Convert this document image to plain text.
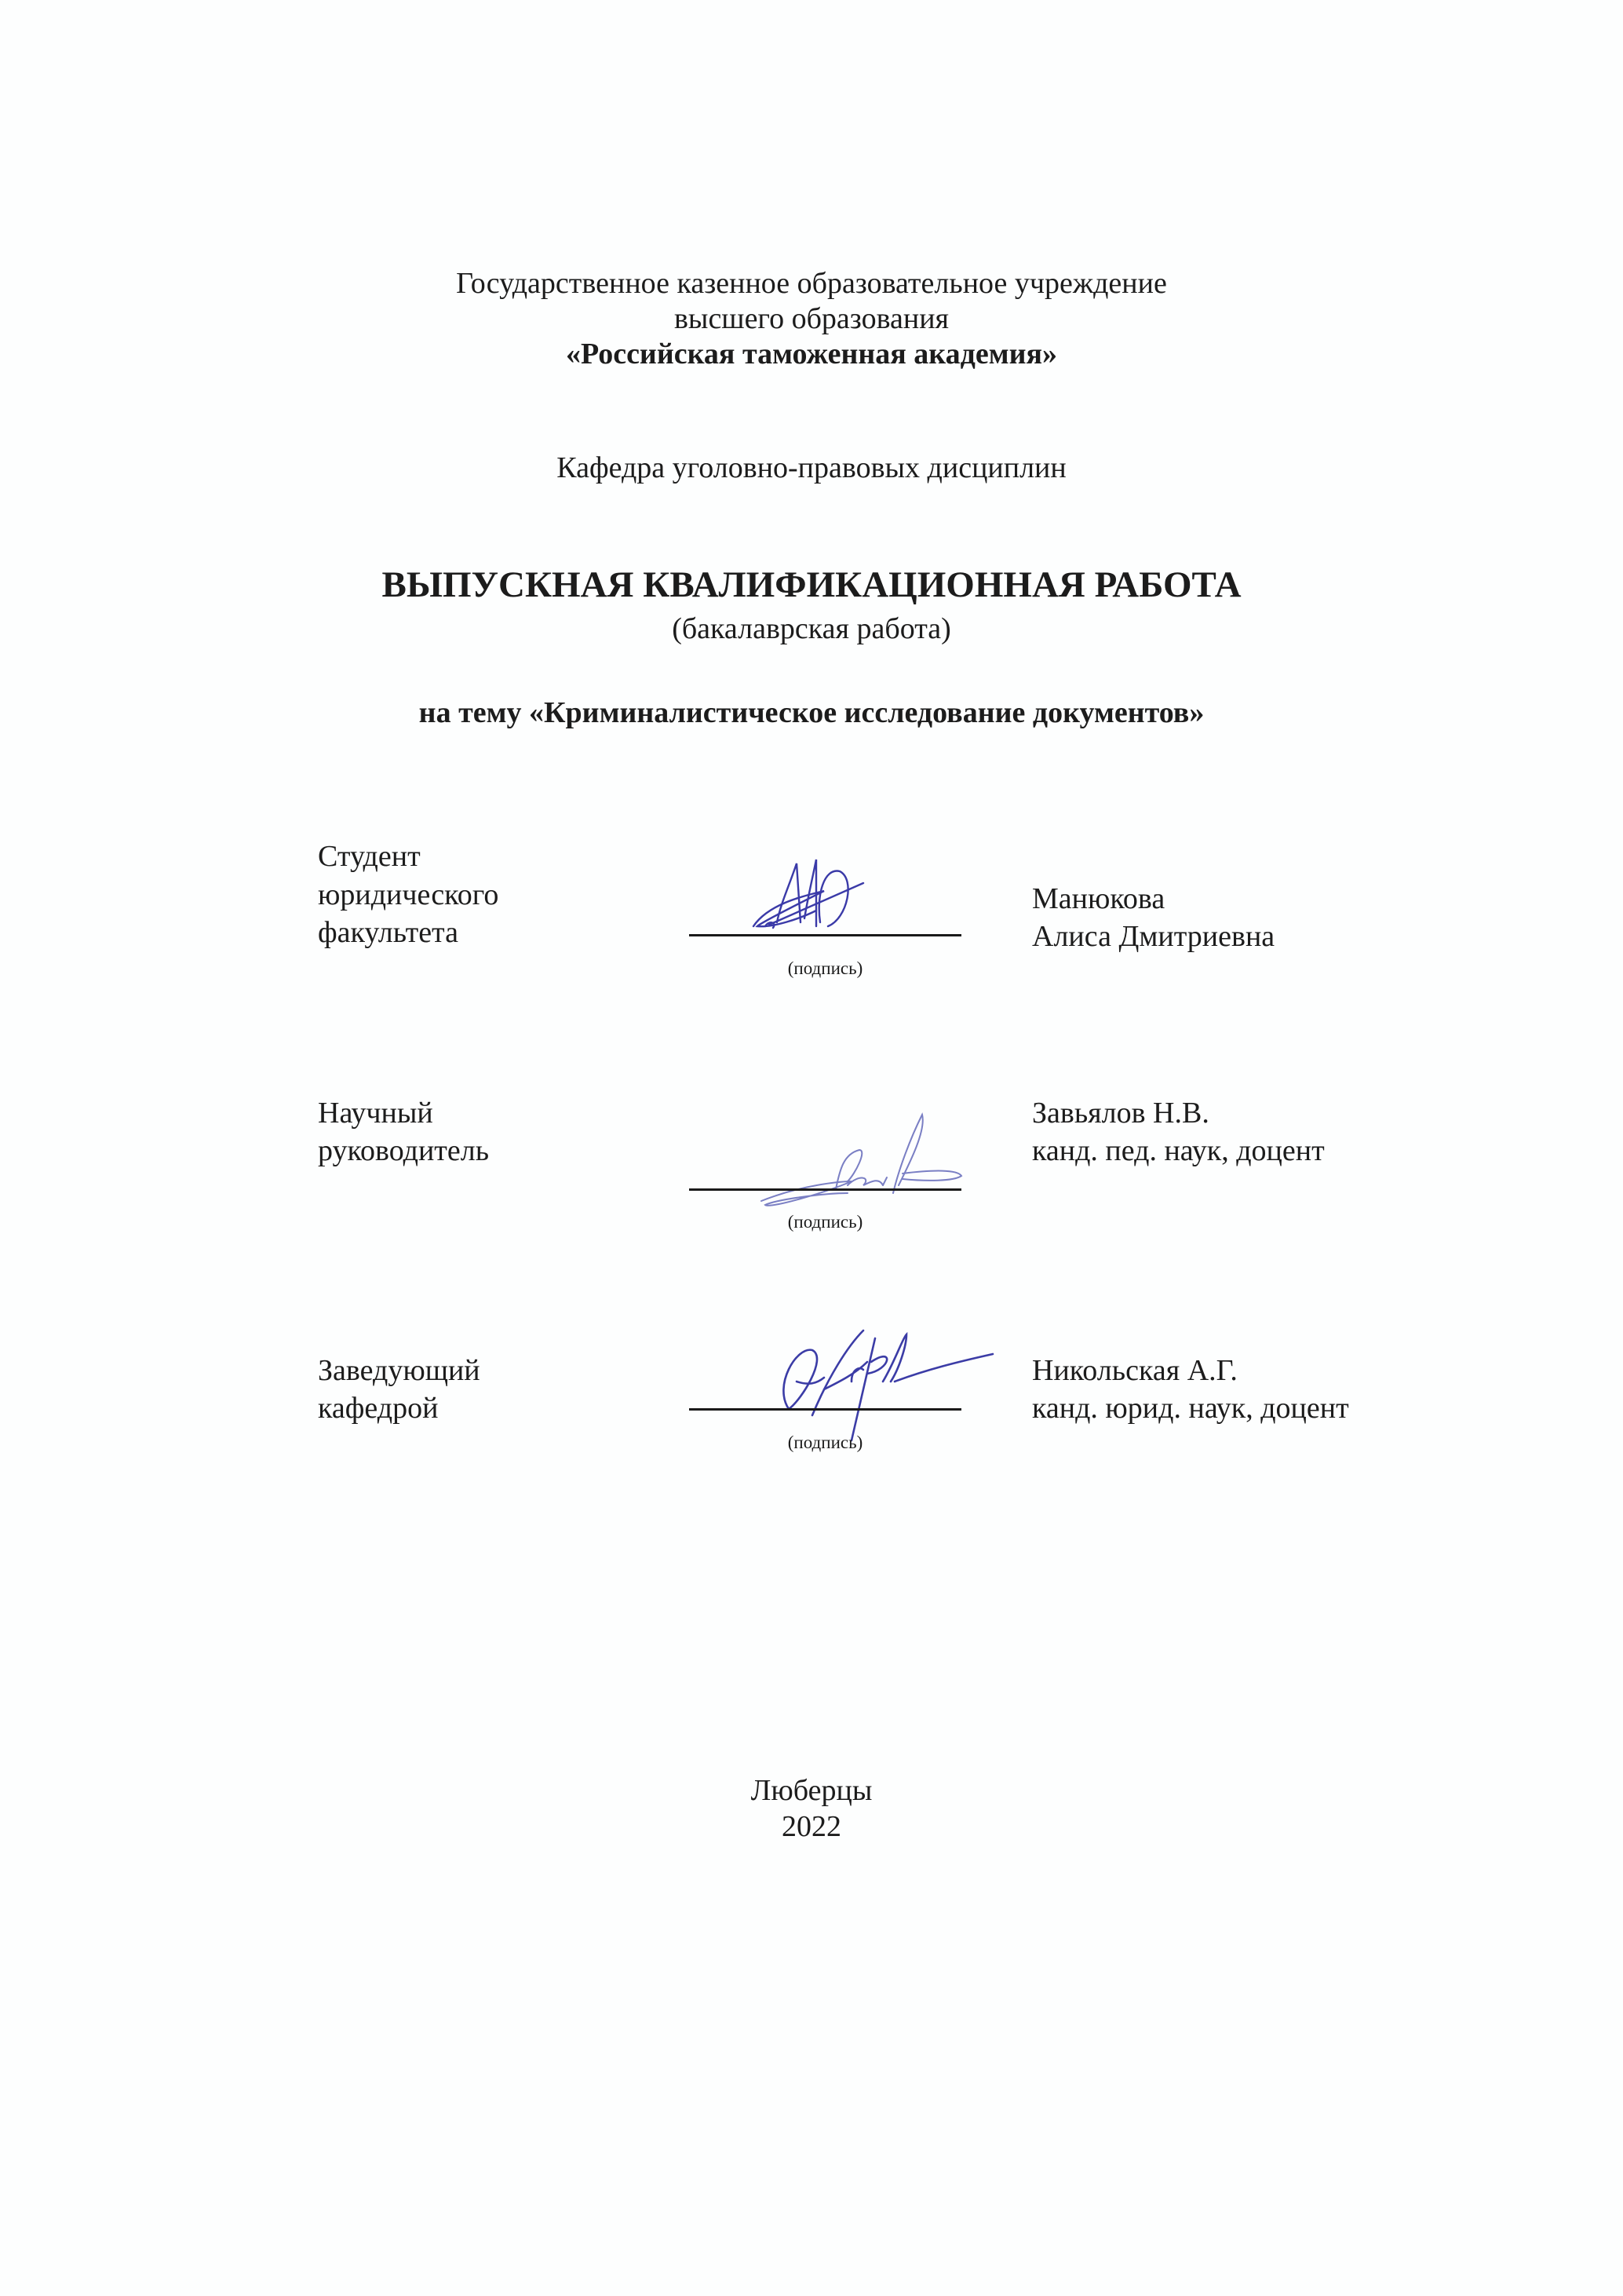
Государственное казенное образовательное учреждение
высшего образования
«Российская таможенная академия»
Кафедра уголовно-правовых дисциплин
ВЫПУСКНАЯ КВАЛИФИКАЦИОННАЯ РАБОТА
(бакалаврская работа)
на тему «Криминалистическое исследование документов»
Студент
юридического
факультета
(подпись)
Манюкова
Алиса Дмитриевна
Научный
руководитель
(подпись)
Завьялов Н.В.
канд. пед. наук, доцент
Заведующий
кафедрой
(подпись)
Никольская А.Г.
канд. юрид. наук, доцент
Люберцы
2022
